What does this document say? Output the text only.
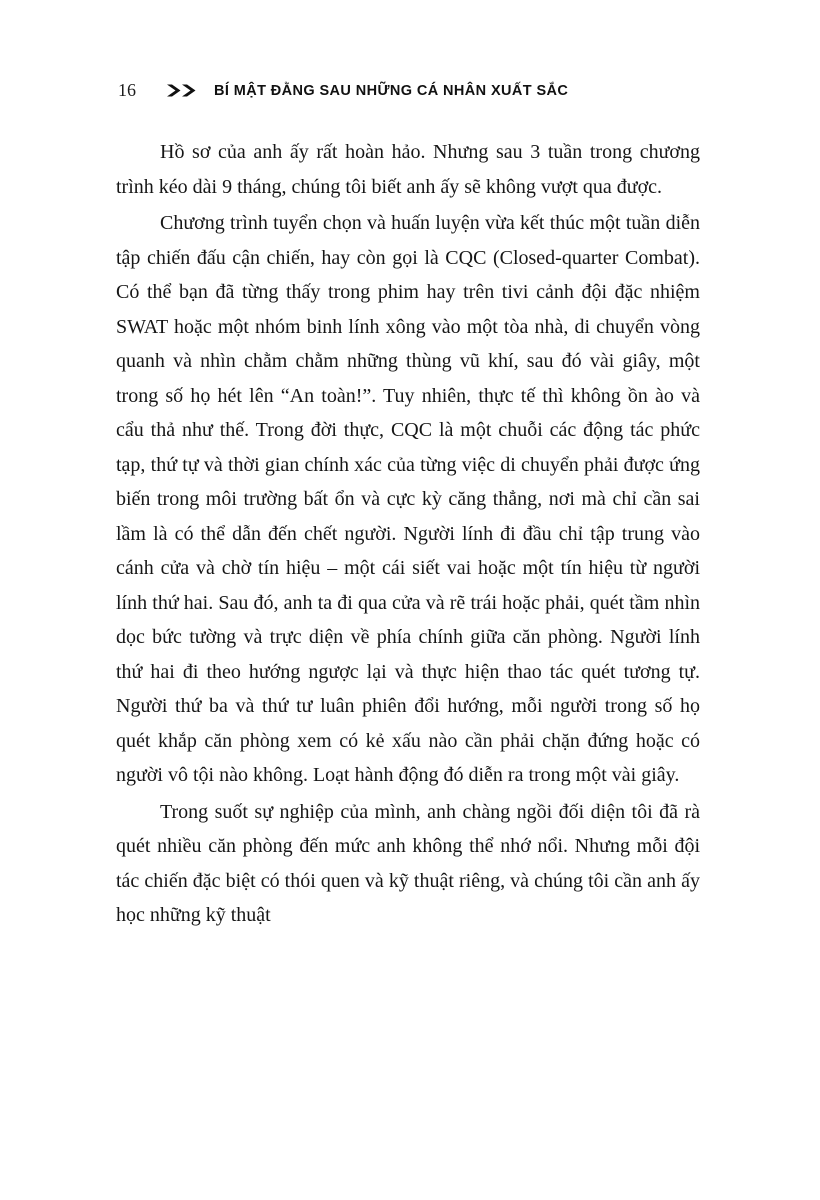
16	BÍ MẬT ĐẰNG SAU NHỮNG CÁ NHÂN XUẤT SẮC

Hồ sơ của anh ấy rất hoàn hảo. Nhưng sau 3 tuần trong chương trình kéo dài 9 tháng, chúng tôi biết anh ấy sẽ không vượt qua được.

Chương trình tuyển chọn và huấn luyện vừa kết thúc một tuần diễn tập chiến đấu cận chiến, hay còn gọi là CQC (Closed-quarter Combat). Có thể bạn đã từng thấy trong phim hay trên tivi cảnh đội đặc nhiệm SWAT hoặc một nhóm binh lính xông vào một tòa nhà, di chuyển vòng quanh và nhìn chằm chằm những thùng vũ khí, sau đó vài giây, một trong số họ hét lên “An toàn!”. Tuy nhiên, thực tế thì không ồn ào và cẩu thả như thế. Trong đời thực, CQC là một chuỗi các động tác phức tạp, thứ tự và thời gian chính xác của từng việc di chuyển phải được ứng biến trong môi trường bất ổn và cực kỳ căng thẳng, nơi mà chỉ cần sai lầm là có thể dẫn đến chết người. Người lính đi đầu chỉ tập trung vào cánh cửa và chờ tín hiệu – một cái siết vai hoặc một tín hiệu từ người lính thứ hai. Sau đó, anh ta đi qua cửa và rẽ trái hoặc phải, quét tầm nhìn dọc bức tường và trực diện về phía chính giữa căn phòng. Người lính thứ hai đi theo hướng ngược lại và thực hiện thao tác quét tương tự. Người thứ ba và thứ tư luân phiên đổi hướng, mỗi người trong số họ quét khắp căn phòng xem có kẻ xấu nào cần phải chặn đứng hoặc có người vô tội nào không. Loạt hành động đó diễn ra trong một vài giây.

Trong suốt sự nghiệp của mình, anh chàng ngồi đối diện tôi đã rà quét nhiều căn phòng đến mức anh không thể nhớ nổi. Nhưng mỗi đội tác chiến đặc biệt có thói quen và kỹ thuật riêng, và chúng tôi cần anh ấy học những kỹ thuật
